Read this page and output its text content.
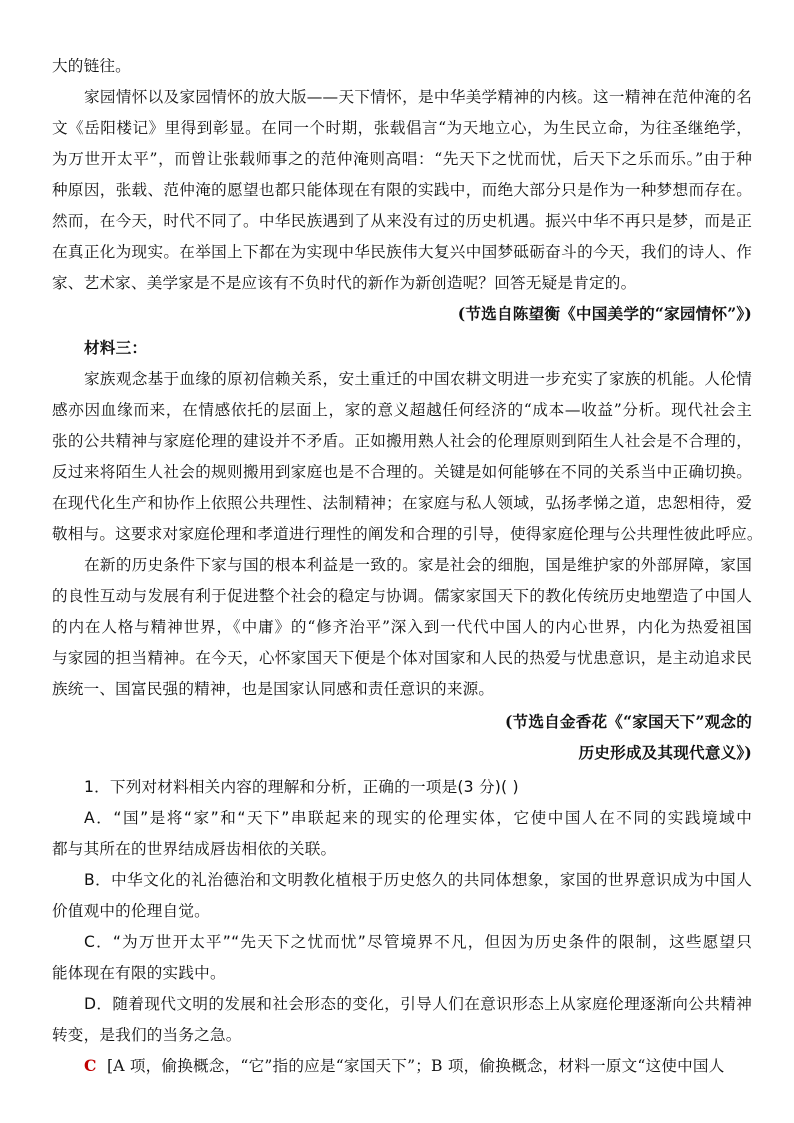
大的链往。
家园情怀以及家园情怀的放大版——天下情怀，是中华美学精神的内核。这一精神在范仲淹的名
文《岳阳楼记》里得到彰显。在同一个时期，张载倡言“为天地立心，为生民立命，为往圣继绝学，
为万世开太平”，而曾让张载师事之的范仲淹则高唱：“先天下之忧而忧，后天下之乐而乐。”由于种
种原因，张载、范仲淹的愿望也都只能体现在有限的实践中，而绝大部分只是作为一种梦想而存在。
然而，在今天，时代不同了。中华民族遇到了从来没有过的历史机遇。振兴中华不再只是梦，而是正
在真正化为现实。在举国上下都在为实现中华民族伟大复兴中国梦砥砺奋斗的今天，我们的诗人、作
家、艺术家、美学家是不是应该有不负时代的新作为新创造呢？回答无疑是肯定的。
(节选自陈望衡《中国美学的“家园情怀”》)
材料三：
家族观念基于血缘的原初信赖关系，安土重迁的中国农耕文明进一步充实了家族的机能。人伦情
感亦因血缘而来，在情感依托的层面上，家的意义超越任何经济的“成本—收益”分析。现代社会主
张的公共精神与家庭伦理的建设并不矛盾。正如搬用熟人社会的伦理原则到陌生人社会是不合理的，
反过来将陌生人社会的规则搬用到家庭也是不合理的。关键是如何能够在不同的关系当中正确切换。
在现代化生产和协作上依照公共理性、法制精神；在家庭与私人领域，弘扬孝悌之道，忠恕相待，爱
敬相与。这要求对家庭伦理和孝道进行理性的阐发和合理的引导，使得家庭伦理与公共理性彼此呼应。
在新的历史条件下家与国的根本利益是一致的。家是社会的细胞，国是维护家的外部屏障，家国
的良性互动与发展有利于促进整个社会的稳定与协调。儒家家国天下的教化传统历史地塑造了中国人
的内在人格与精神世界，《中庸》的“修齐治平”深入到一代代中国人的内心世界，内化为热爱祖国
与家园的担当精神。在今天，心怀家国天下便是个体对国家和人民的热爱与忧患意识，是主动追求民
族统一、国富民强的精神，也是国家认同感和责任意识的来源。
(节选自金香花《“家国天下”观念的
历史形成及其现代意义》)
1．下列对材料相关内容的理解和分析，正确的一项是(3 分)( )
A．“国”是将“家”和“天下”串联起来的现实的伦理实体，它使中国人在不同的实践境域中
都与其所在的世界结成唇齿相依的关联。
B．中华文化的礼治德治和文明教化植根于历史悠久的共同体想象，家国的世界意识成为中国人
价值观中的伦理自觉。
C．“为万世开太平”“先天下之忧而忧”尽管境界不凡，但因为历史条件的限制，这些愿望只
能体现在有限的实践中。
D．随着现代文明的发展和社会形态的变化，引导人们在意识形态上从家庭伦理逐渐向公共精神
转变，是我们的当务之急。
C [A 项，偷换概念，“它”指的应是“家国天下”；B 项，偷换概念，材料一原文“这使中国人
